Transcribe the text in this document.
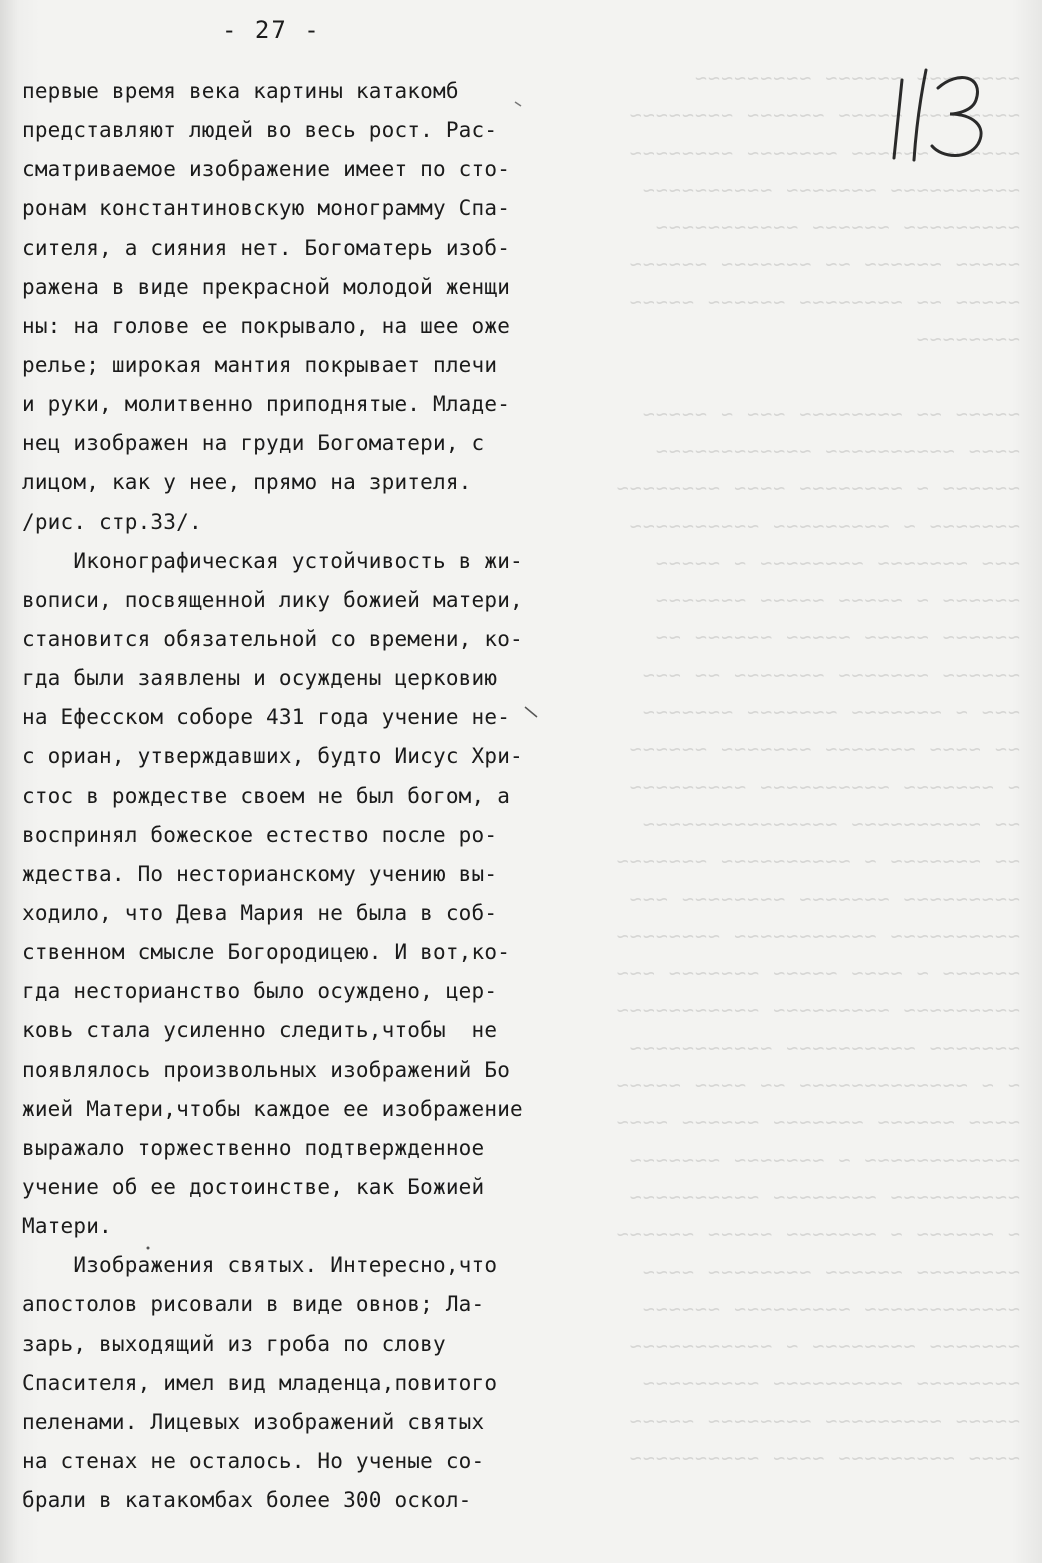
~~~~~~~~ ~~~~~~ ~~~~~~~~~
~~~~~~~~ ~~~~~ ~~~~~~ ~~~~~~~~
~~~~~~ ~~~~~~ ~~~~~~~ ~~~~~~~~
~~~~~~~~~~ ~~~~~~~ ~~~~~~~~~~
~~~~~~~~~ ~~~~~~ ~~~~~~~~~~~
~~~~~ ~~~~~~ ~~ ~~~~~~~ ~~~~~~
~~~~~ ~~ ~~~~~~~~ ~~~~~~ ~~~~~
~~~~~~~~

~~~~~ ~~ ~~~~~~~~ ~~~ ~ ~~~~~
~~~~ ~~~~~~~~~~ ~~~~~~~~~~~~
~~~~~~ ~ ~~~~~~~~ ~~~~ ~~~~~~~~
~~~~~~~ ~ ~~~~~~~~~ ~~~~~~~~~~
~~~ ~~~~~~~ ~~~~~~~~ ~ ~~~~~
~~~~~~ ~ ~~~~~ ~~~~~ ~~~~~~~
~~~~~~ ~~~~~ ~~~~~ ~~~~~~ ~~
~~~~~~ ~~~~~~~ ~~~~~~~ ~~ ~~~
~~~ ~ ~~~~~~~ ~~~~~~~ ~~~~~~~
~~ ~~~~ ~~~~~~~ ~~~~~~~ ~~~~~~
~ ~~~~~~~ ~~~~~~~~~~ ~~~~~~~~~
~~ ~~~~~~~~~~ ~~~~~~~~~~~~~~~
~~ ~~~~~~~ ~ ~~~~~~~~~~ ~~~~~~~
~~~~~~~~~ ~~~~~~~ ~~~~~~~~ ~~~
~~~~~~~~~~ ~~~~~~~~~~~ ~~~~~~~~
~~~~~~ ~ ~~~~ ~~~~~ ~~~~~~~ ~~~
~~~~~~~~~ ~~~~~~~~~ ~~~~~~~~~~~
~~~~~~~ ~~~~~~~~~~ ~~~~~~~~~~~
~ ~ ~~~~~~~~~~~~~ ~~ ~~~~ ~~~~~
~~~~ ~~~~~~ ~~~~~~~ ~~~~~~ ~~~~
~~~~~~~~~~~~ ~ ~~~~~~~ ~~~~~~~
~~~~~~~~~~ ~~~~~~~~ ~~~~~~~~~~
~ ~~~~~~ ~ ~~~~~~~ ~~~~~ ~~~~~~
~~~~~~~~ ~~~~~~ ~~~~~~~~ ~~~~
~~~~~~~~~~~~ ~~~~~~~~~ ~~~~~~
~~~~~~~ ~~~~~~~~ ~ ~~~~~~~~~~~
~~~~~~~~ ~~~~~~~~~~ ~~~~~~~~~
~~~~~ ~~~~~~~~~ ~~~~~~~~ ~~~~~
~~~~ ~~~~~~~~~ ~~~~ ~~~~~~~~~~
- 27 -
первые время века картины катакомб
представляют людей во весь рост. Рас-
сматриваемое изображение имеет по сто-
ронам константиновскую монограмму Спа-
сителя, а сияния нет. Богоматерь изоб-
ражена в виде прекрасной молодой женщи
ны: на голове ее покрывало, на шее оже
релье; широкая мантия покрывает плечи
и руки, молитвенно приподнятые. Младе-
нец изображен на груди Богоматери, с
лицом, как у нее, прямо на зрителя.
/рис. стр.33/.
Иконографическая устойчивость в жи-
вописи, посвященной лику божией матери,
становится обязательной со времени, ко-
гда были заявлены и осуждены церковию
на Ефесском соборе 431 года учение не-
с ориан, утверждавших, будто Иисус Хри-
стос в рождестве своем не был богом, а
воспринял божеское естество после ро-
ждества. По несторианскому учению вы-
ходило, что Дева Мария не была в соб-
ственном смысле Богородицею. И вот,ко-
гда несторианство было осуждено, цер-
ковь стала усиленно следить,чтобы  не
появлялось произвольных изображений Бо
жией Матери,чтобы каждое ее изображение
выражало торжественно подтвержденное
учение об ее достоинстве, как Божией
Матери.
Изображения святых. Интересно,что
апостолов рисовали в виде овнов; Ла-
зарь, выходящий из гроба по слову
Спасителя, имел вид младенца,повитого
пеленами. Лицевых изображений святых
на стенах не осталось. Но ученые со-
брали в катакомбах более 300 оскол-
